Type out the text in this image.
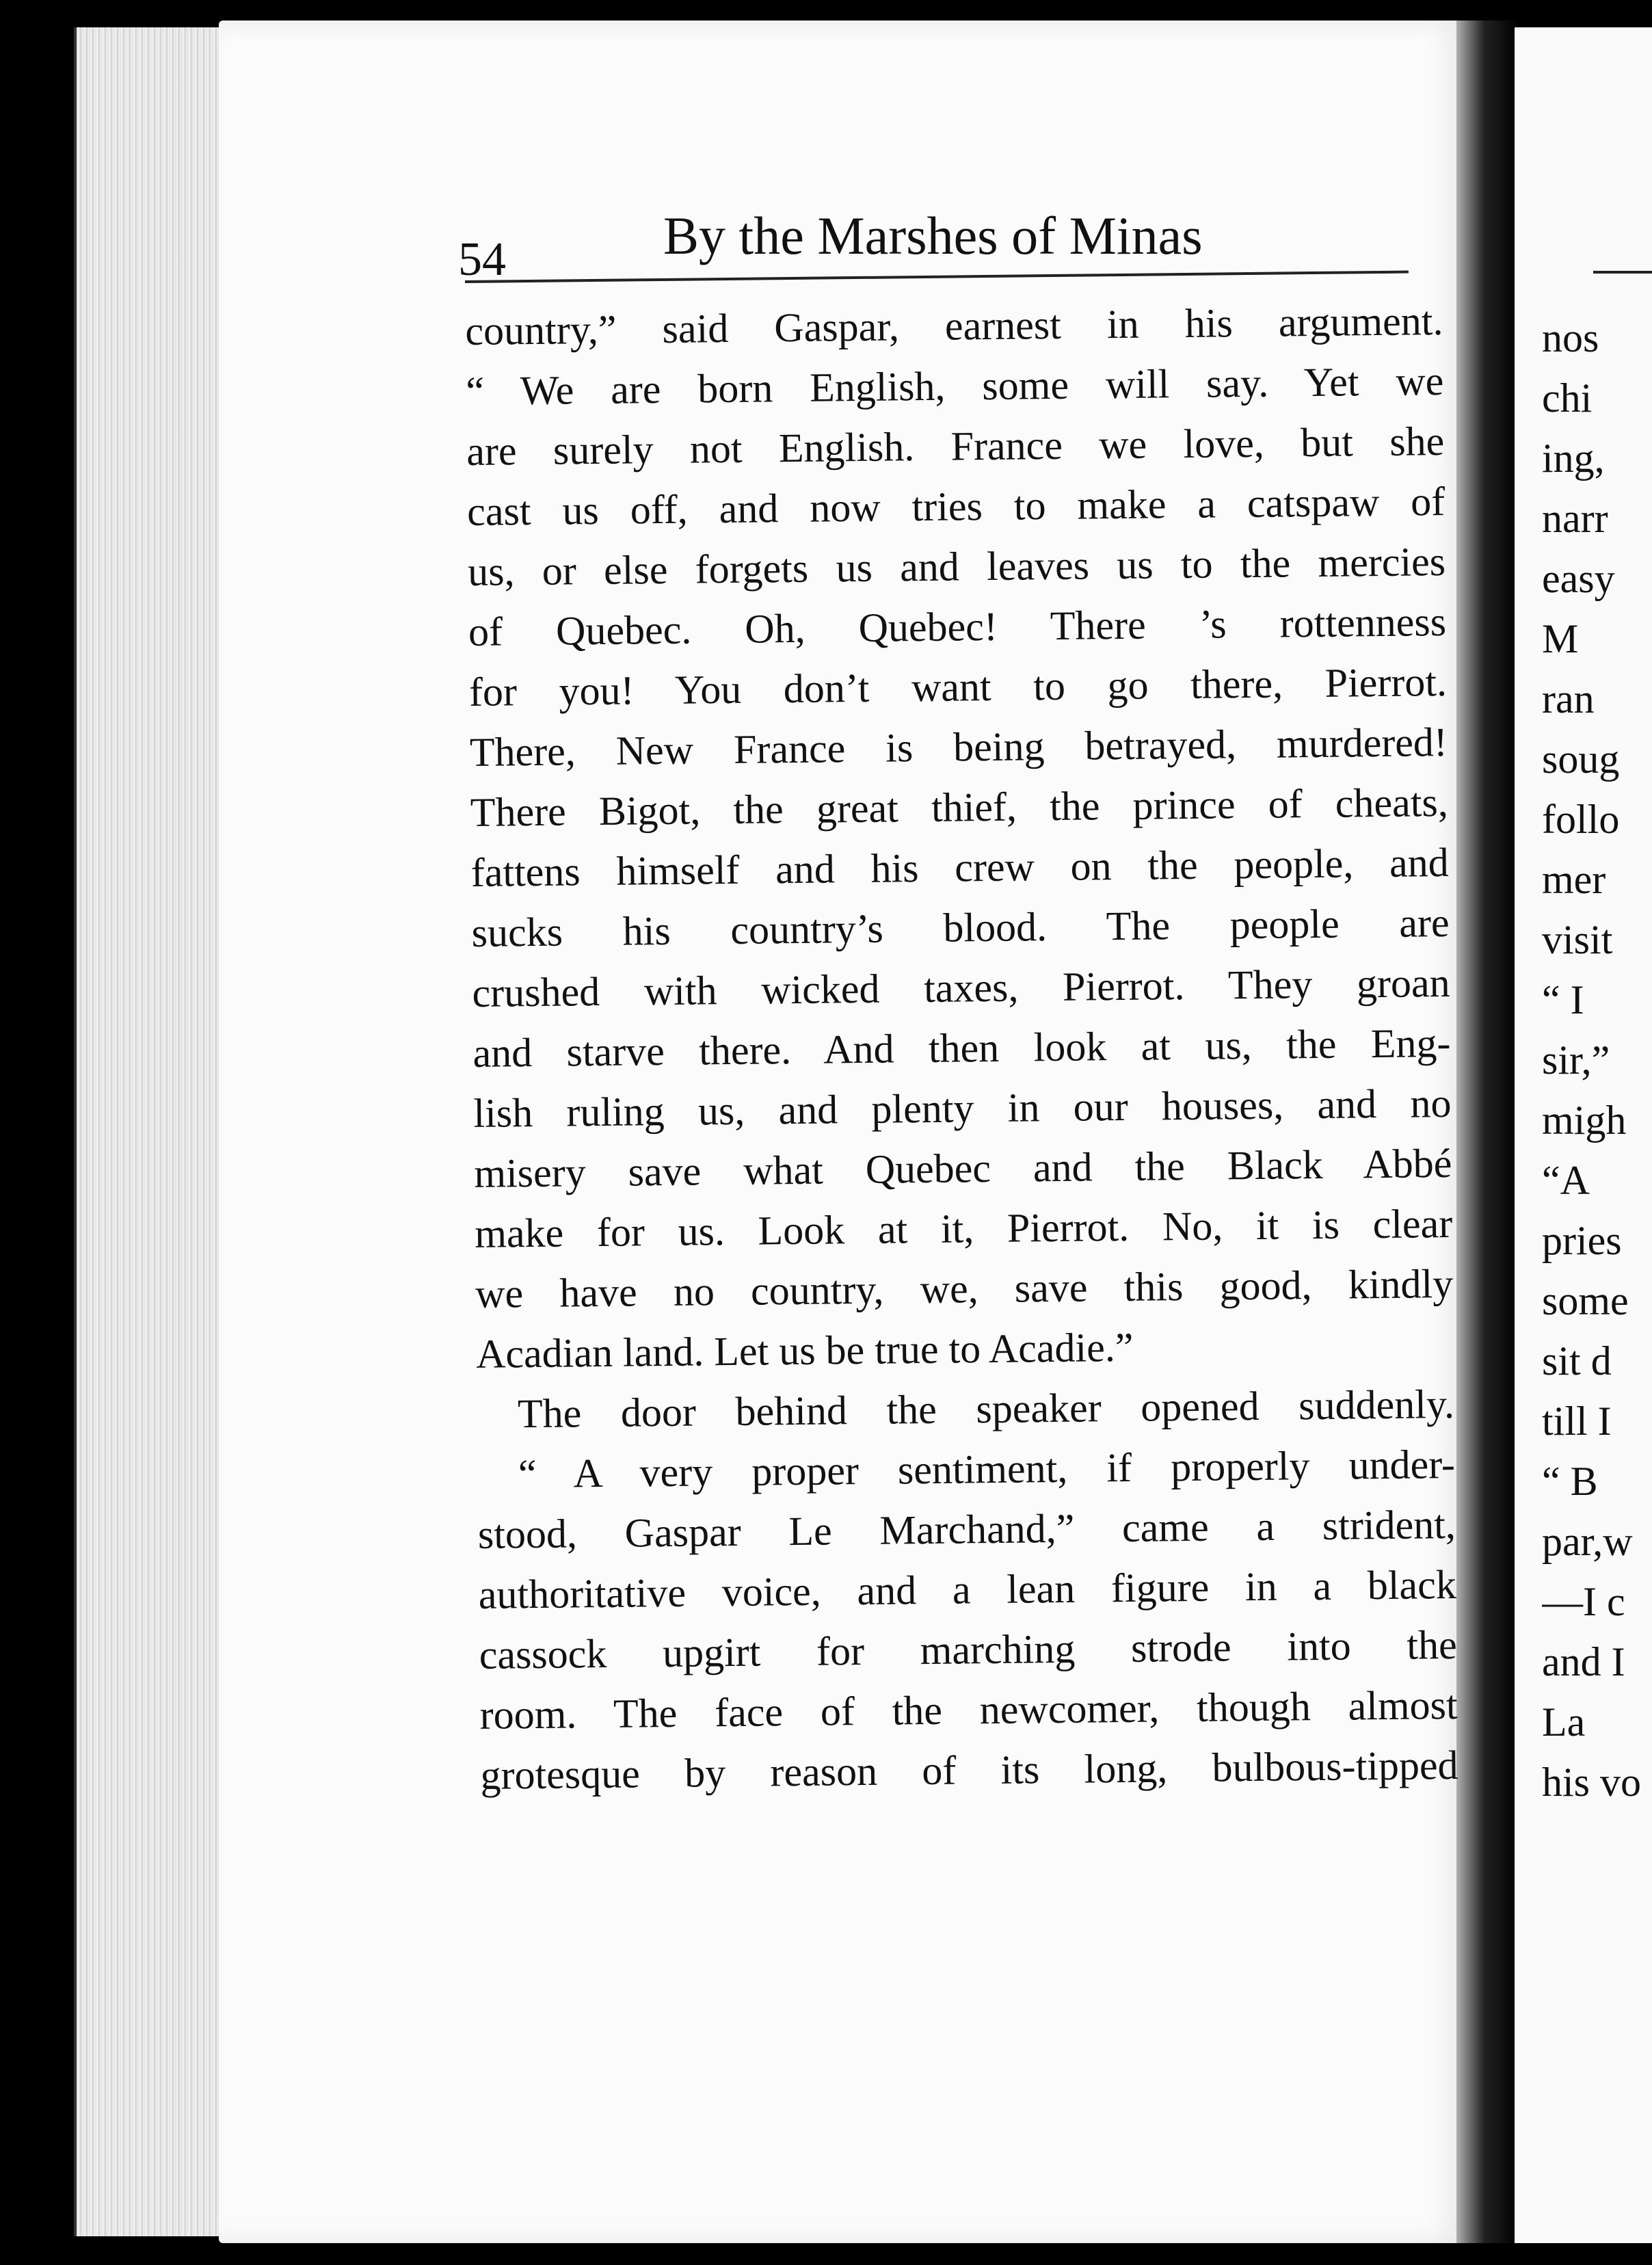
54	By the Marshes of Minas
country,” said Gaspar, earnest in his argument.
“ We are born English, some will say. Yet we
are surely not English. France we love, but she
cast us off, and now tries to make a catspaw of
us, or else forgets us and leaves us to the mercies
of Quebec. Oh, Quebec! There ’s rottenness
for you! You don’t want to go there, Pierrot.
There, New France is being betrayed, murdered!
There Bigot, the great thief, the prince of cheats,
fattens himself and his crew on the people, and
sucks his country’s blood. The people are
crushed with wicked taxes, Pierrot. They groan
and starve there. And then look at us, the Eng-
lish ruling us, and plenty in our houses, and no
misery save what Quebec and the Black Abbé
make for us. Look at it, Pierrot. No, it is clear
we have no country, we, save this good, kindly
Acadian land. Let us be true to Acadie.”
The door behind the speaker opened suddenly.
“ A very proper sentiment, if properly under-
stood, Gaspar Le Marchand,” came a strident,
authoritative voice, and a lean figure in a black
cassock upgirt for marching strode into the
room. The face of the newcomer, though almost
grotesque by reason of its long, bulbous-tipped
nos
chi
ing,
narr
easy
M
ran
soug
follo
mer
visit
“ I
sir,”
migh
“A
pries
some
sit d
till I
“ B
par,w
—I c
and I
La
his vo
